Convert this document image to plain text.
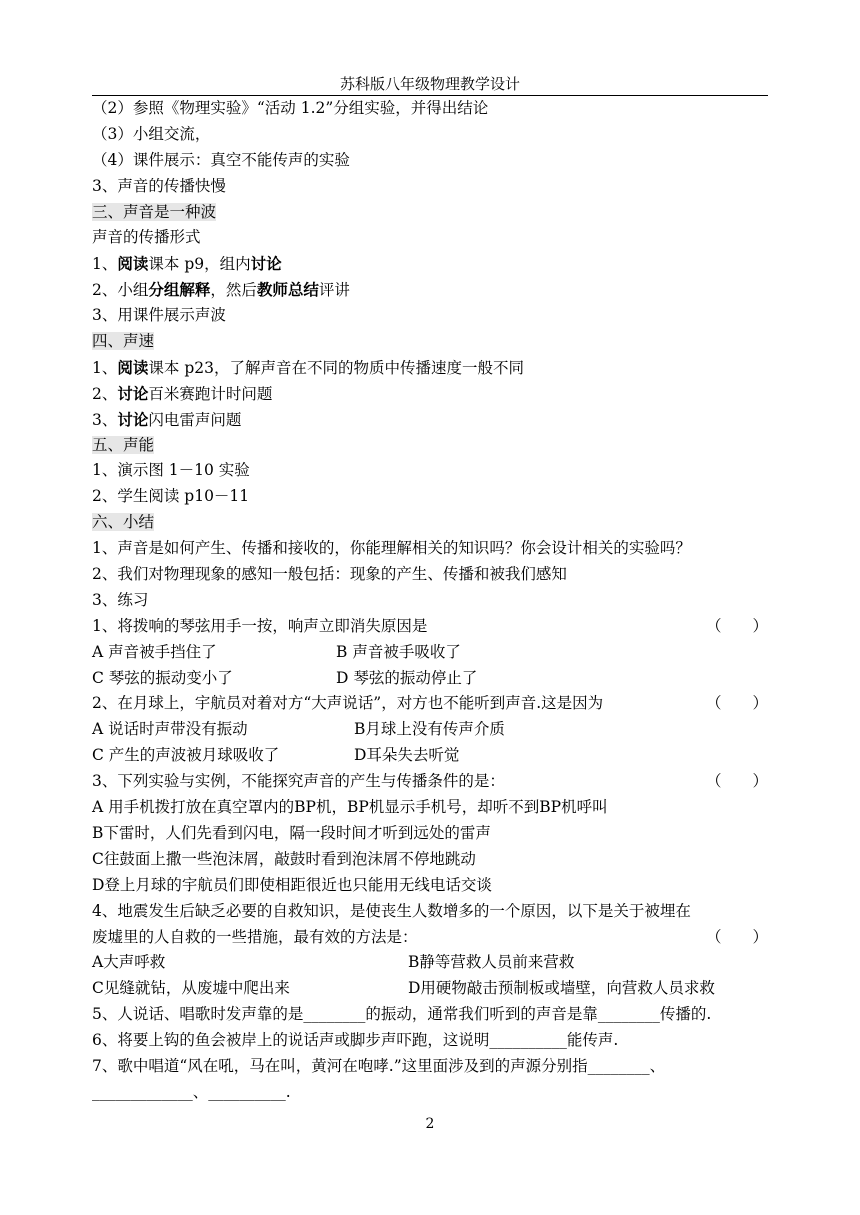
苏科版八年级物理教学设计
（2）参照《物理实验》“活动 1.2”分组实验，并得出结论
（3）小组交流，
（4）课件展示：真空不能传声的实验
3、声音的传播快慢
三、声音是一种波
声音的传播形式
1、阅读课本 p9，组内讨论
2、小组分组解释，然后教师总结评讲
3、用课件展示声波
四、声速
1、阅读课本 p23，了解声音在不同的物质中传播速度一般不同
2、讨论百米赛跑计时问题
3、讨论闪电雷声问题
五、声能
1、演示图 1－10 实验
2、学生阅读 p10－11
六、小结
1、声音是如何产生、传播和接收的，你能理解相关的知识吗？你会设计相关的实验吗？
2、我们对物理现象的感知一般包括：现象的产生、传播和被我们感知
3、练习
1、将拨响的琴弦用手一按，响声立即消失原因是	（　　）
A 声音被手挡住了	B 声音被手吸收了
C 琴弦的振动变小了	D 琴弦的振动停止了
2、在月球上，宇航员对着对方“大声说话”，对方也不能听到声音.这是因为	（　　）
A 说话时声带没有振动	B月球上没有传声介质
C 产生的声波被月球吸收了	D耳朵失去听觉
3、下列实验与实例，不能探究声音的产生与传播条件的是：	（　　）
A 用手机拨打放在真空罩内的BP机，BP机显示手机号，却听不到BP机呼叫
B下雷时，人们先看到闪电，隔一段时间才听到远处的雷声
C往鼓面上撒一些泡沫屑，敲鼓时看到泡沫屑不停地跳动
D登上月球的宇航员们即使相距很近也只能用无线电话交谈
4、地震发生后缺乏必要的自救知识，是使丧生人数增多的一个原因，以下是关于被埋在
废墟里的人自救的一些措施，最有效的方法是：	（　　）
A大声呼救	B静等营救人员前来营救
C见缝就钻，从废墟中爬出来	D用硬物敲击预制板或墙壁，向营救人员求救
5、人说话、唱歌时发声靠的是________的振动，通常我们听到的声音是靠________传播的.
6、将要上钩的鱼会被岸上的说话声或脚步声吓跑，这说明__________能传声.
7、歌中唱道“风在吼，马在叫，黄河在咆哮.”这里面涉及到的声源分别指________、
_____________、__________.
2
